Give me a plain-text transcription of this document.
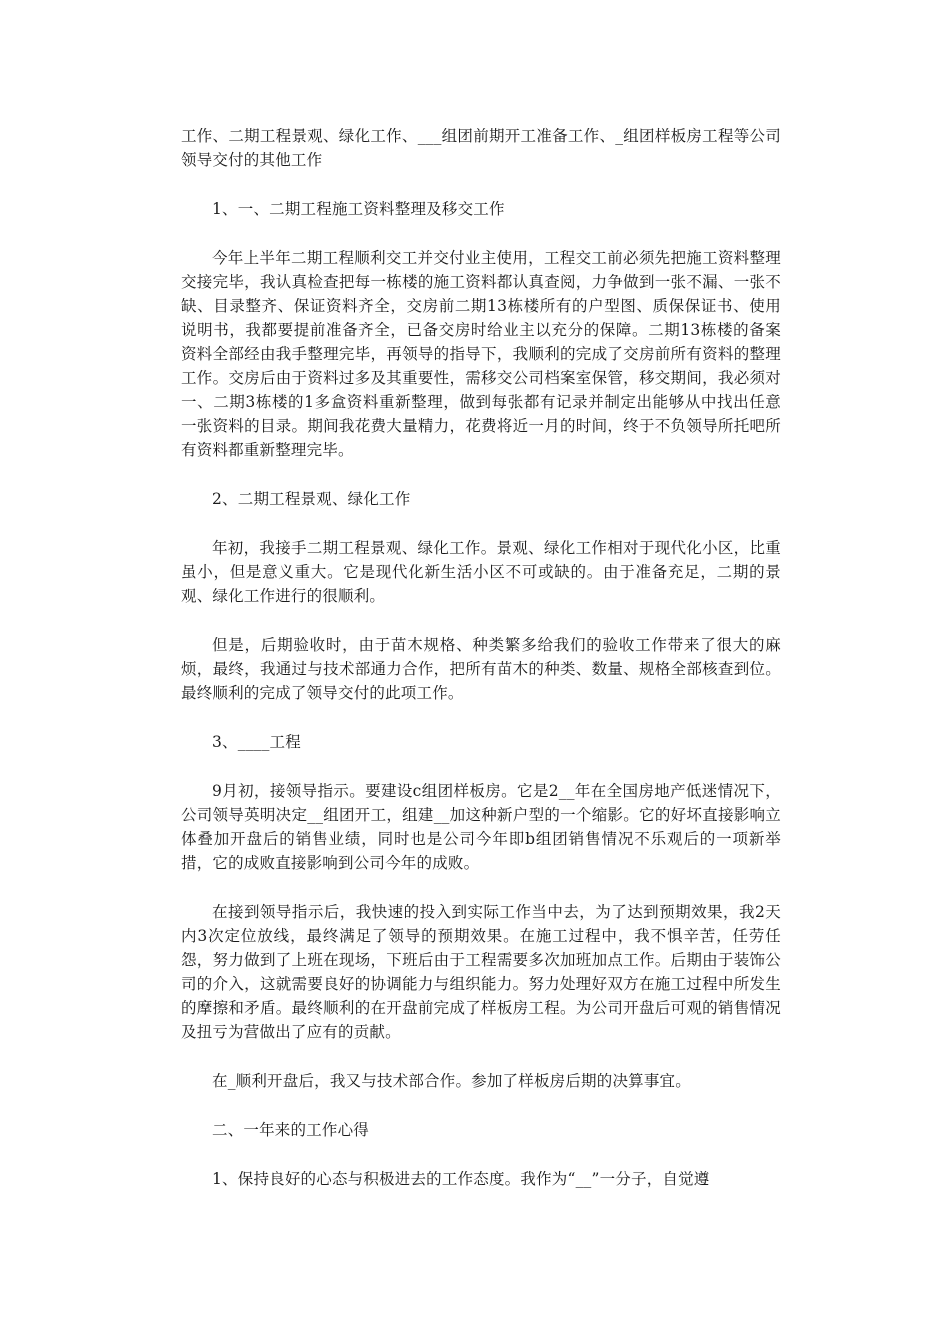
工作、二期工程景观、绿化工作、___组团前期开工准备工作、_组团样板房工程等公司领导交付的其他工作

1、一、二期工程施工资料整理及移交工作

今年上半年二期工程顺利交工并交付业主使用，工程交工前必须先把施工资料整理交接完毕，我认真检查把每一栋楼的施工资料都认真查阅，力争做到一张不漏、一张不缺、目录整齐、保证资料齐全，交房前二期13栋楼所有的户型图、质保保证书、使用说明书，我都要提前准备齐全，已备交房时给业主以充分的保障。二期13栋楼的备案资料全部经由我手整理完毕，再领导的指导下，我顺利的完成了交房前所有资料的整理工作。交房后由于资料过多及其重要性，需移交公司档案室保管，移交期间，我必须对一、二期3栋楼的1多盒资料重新整理，做到每张都有记录并制定出能够从中找出任意一张资料的目录。期间我花费大量精力，花费将近一月的时间，终于不负领导所托吧所有资料都重新整理完毕。

2、二期工程景观、绿化工作

年初，我接手二期工程景观、绿化工作。景观、绿化工作相对于现代化小区，比重虽小，但是意义重大。它是现代化新生活小区不可或缺的。由于准备充足，二期的景观、绿化工作进行的很顺利。

但是，后期验收时，由于苗木规格、种类繁多给我们的验收工作带来了很大的麻烦，最终，我通过与技术部通力合作，把所有苗木的种类、数量、规格全部核查到位。最终顺利的完成了领导交付的此项工作。

3、____工程

9月初，接领导指示。要建设c组团样板房。它是2__年在全国房地产低迷情况下，公司领导英明决定__组团开工，组建__加这种新户型的一个缩影。它的好坏直接影响立体叠加开盘后的销售业绩，同时也是公司今年即b组团销售情况不乐观后的一项新举措，它的成败直接影响到公司今年的成败。

在接到领导指示后，我快速的投入到实际工作当中去，为了达到预期效果，我2天内3次定位放线，最终满足了领导的预期效果。在施工过程中，我不惧辛苦，任劳任怨，努力做到了上班在现场，下班后由于工程需要多次加班加点工作。后期由于装饰公司的介入，这就需要良好的协调能力与组织能力。努力处理好双方在施工过程中所发生的摩擦和矛盾。最终顺利的在开盘前完成了样板房工程。为公司开盘后可观的销售情况及扭亏为营做出了应有的贡献。

在_顺利开盘后，我又与技术部合作。参加了样板房后期的决算事宜。

二、一年来的工作心得

1、保持良好的心态与积极进去的工作态度。我作为“__”一分子，自觉遵
